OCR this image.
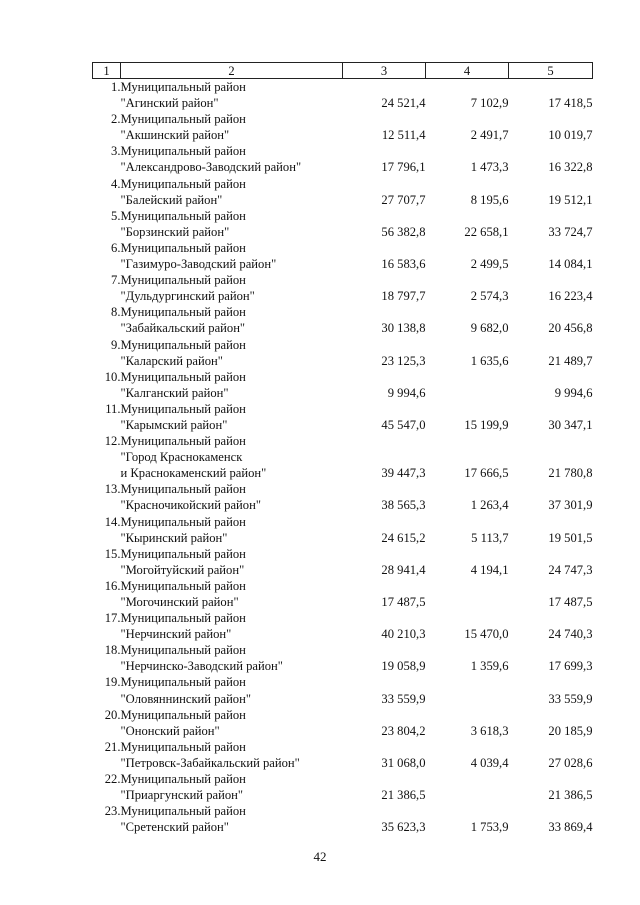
1	2	3	4	5
1.	Муниципальный район
"Агинский район"	24 521,4	7 102,9	17 418,5
2.	Муниципальный район
"Акшинский район"	12 511,4	2 491,7	10 019,7
3.	Муниципальный район
"Александрово-Заводский район"	17 796,1	1 473,3	16 322,8
4.	Муниципальный район
"Балейский район"	27 707,7	8 195,6	19 512,1
5.	Муниципальный район
"Борзинский район"	56 382,8	22 658,1	33 724,7
6.	Муниципальный район
"Газимуро-Заводский район"	16 583,6	2 499,5	14 084,1
7.	Муниципальный район
"Дульдургинский район"	18 797,7	2 574,3	16 223,4
8.	Муниципальный район
"Забайкальский район"	30 138,8	9 682,0	20 456,8
9.	Муниципальный район
"Каларский район"	23 125,3	1 635,6	21 489,7
10.	Муниципальный район
"Калганский район"	9 994,6		9 994,6
11.	Муниципальный район
"Карымский район"	45 547,0	15 199,9	30 347,1
12.	Муниципальный район
"Город Краснокаменск
и Краснокаменский район"	39 447,3	17 666,5	21 780,8
13.	Муниципальный район
"Красночикойский район"	38 565,3	1 263,4	37 301,9
14.	Муниципальный район
"Кыринский район"	24 615,2	5 113,7	19 501,5
15.	Муниципальный район
"Могойтуйский район"	28 941,4	4 194,1	24 747,3
16.	Муниципальный район
"Могочинский район"	17 487,5		17 487,5
17.	Муниципальный район
"Нерчинский район"	40 210,3	15 470,0	24 740,3
18.	Муниципальный район
"Нерчинско-Заводский район"	19 058,9	1 359,6	17 699,3
19.	Муниципальный район
"Оловяннинский район"	33 559,9		33 559,9
20.	Муниципальный район
"Ононский район"	23 804,2	3 618,3	20 185,9
21.	Муниципальный район
"Петровск-Забайкальский район"	31 068,0	4 039,4	27 028,6
22.	Муниципальный район
"Приаргунский район"	21 386,5		21 386,5
23.	Муниципальный район
"Сретенский район"	35 623,3	1 753,9	33 869,4
42
